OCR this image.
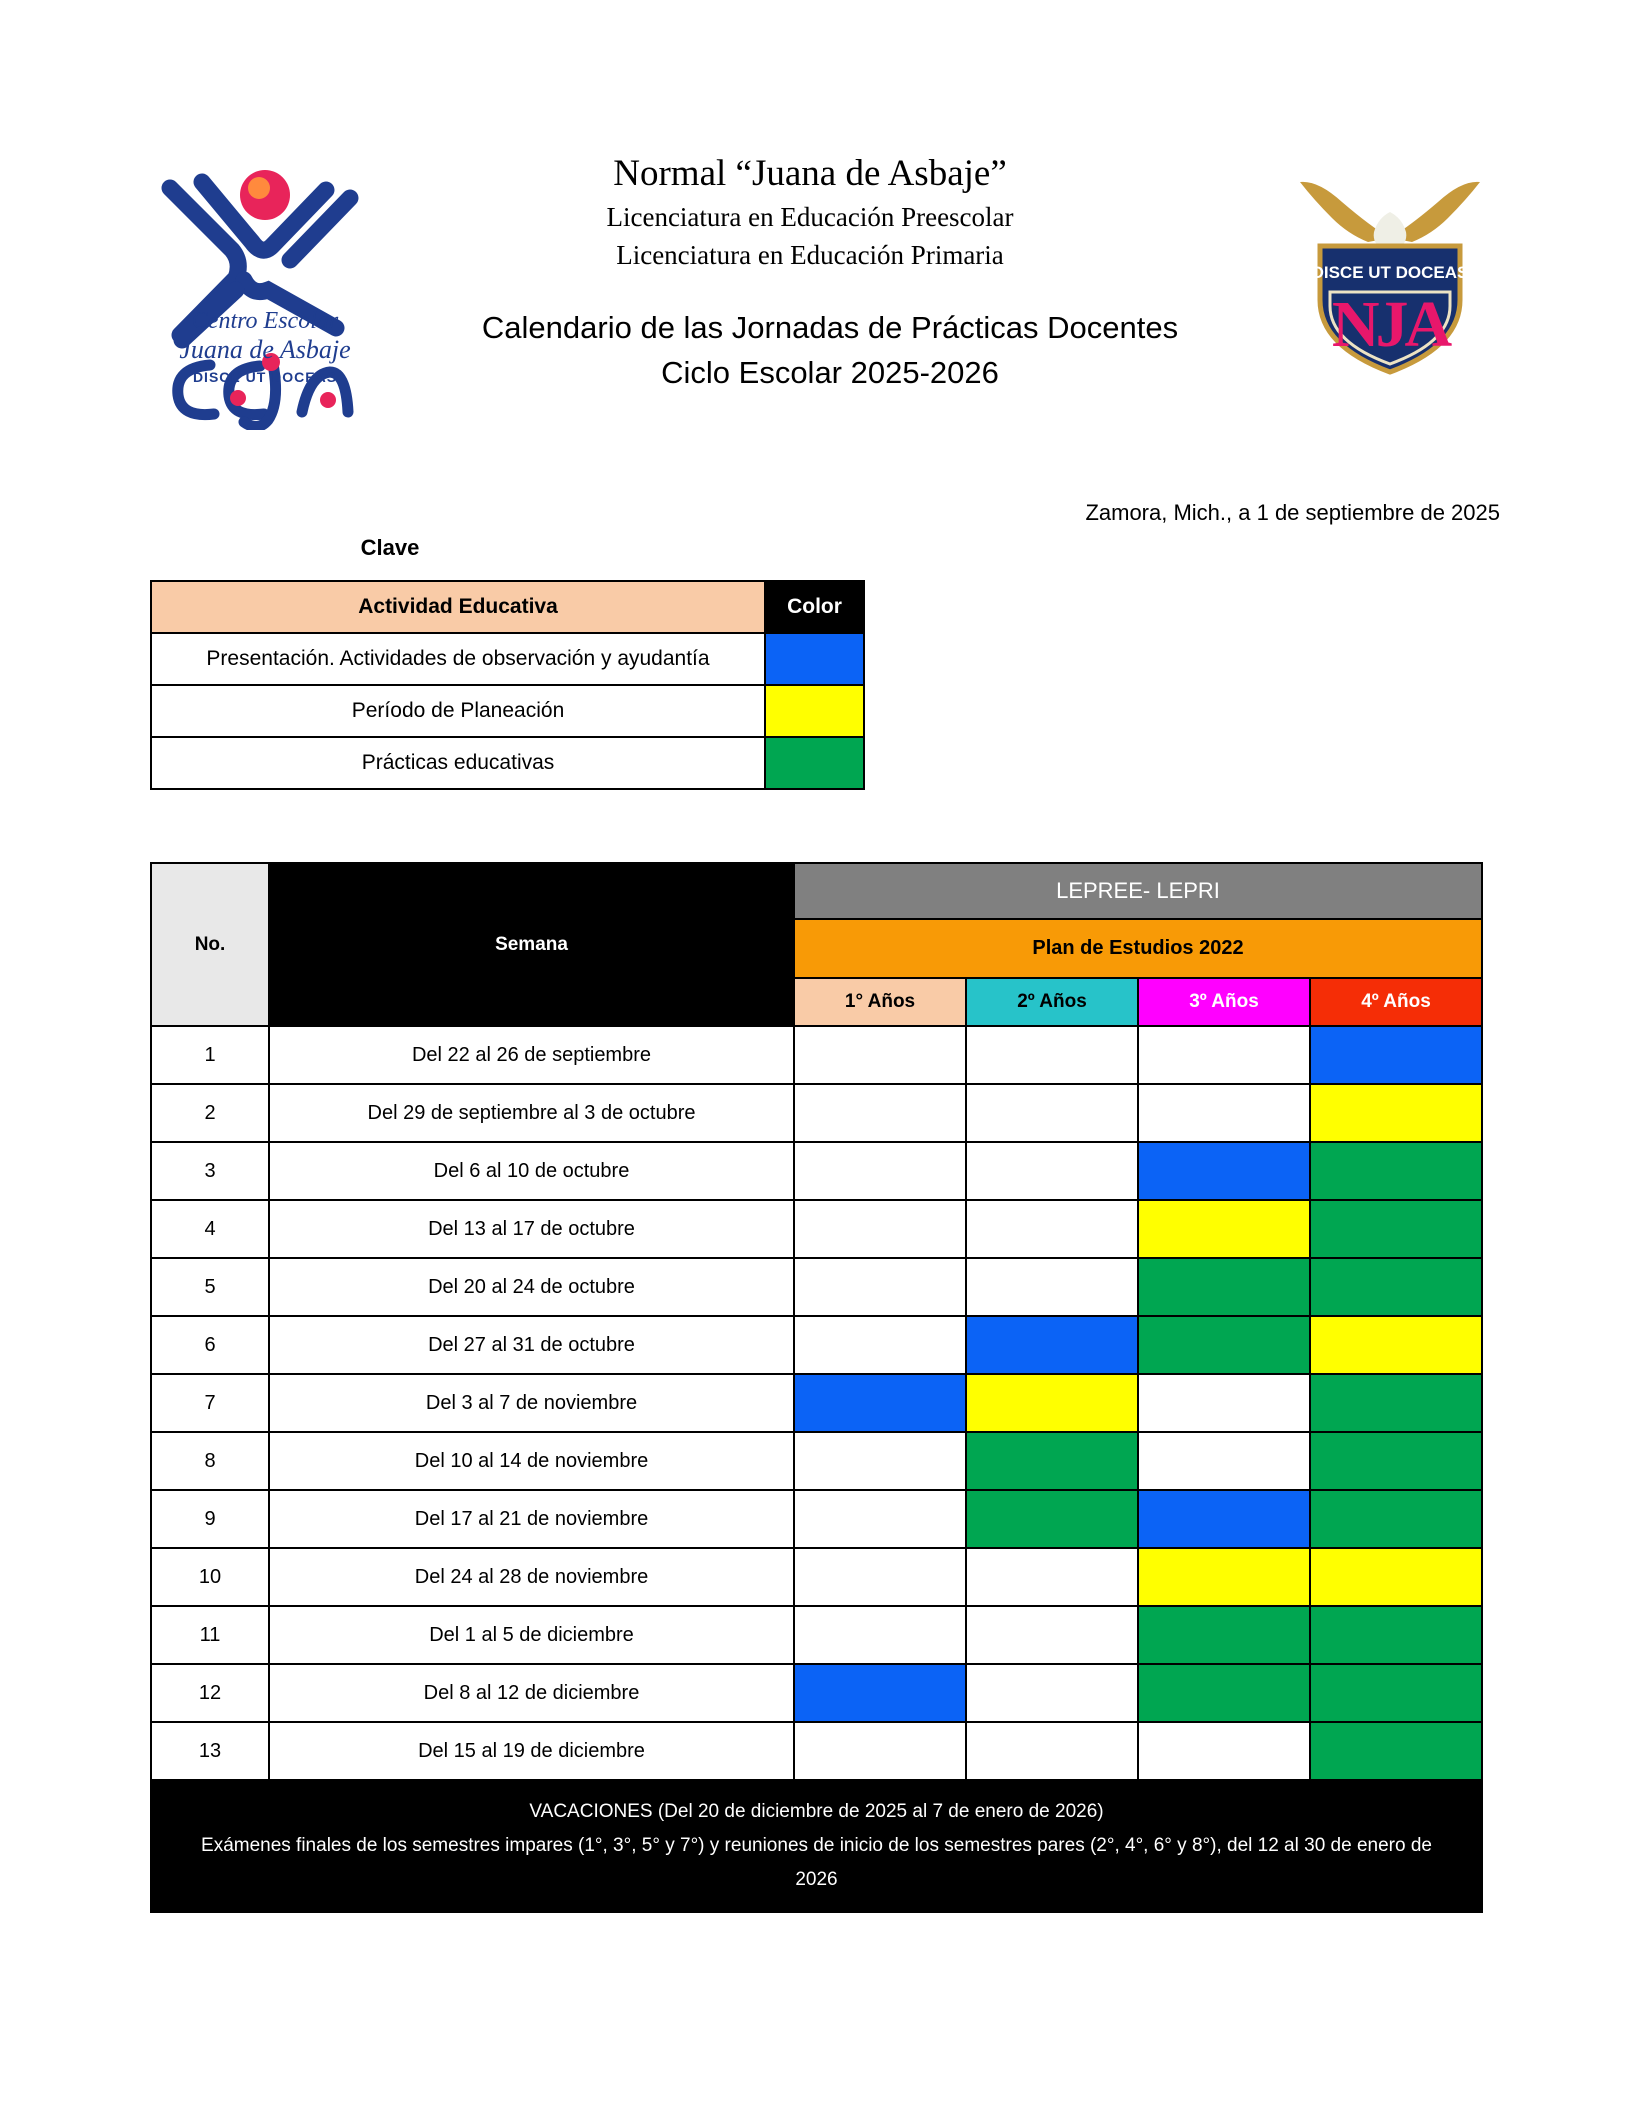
Centro Escolar
Juana de Asbaje
DISCE UT DOCEAS
DISCE UT DOCEAS
NJA
Normal “Juana de Asbaje”
Licenciatura en Educación Preescolar
Licenciatura en Educación Primaria
Calendario de las Jornadas de Prácticas Docentes
Ciclo Escolar 2025-2026
Zamora, Mich., a 1 de septiembre de 2025
Clave
Actividad Educativa	Color
Presentación. Actividades de observación y ayudantía	
Período de Planeación	
Prácticas educativas	
No.	Semana	LEPREE- LEPRI			
		Plan de Estudios 2022			
		1° Años	2º Años	3º Años	4º Años
1	Del 22 al 26 de septiembre				
2	Del 29 de septiembre al 3 de octubre				
3	Del 6 al 10 de octubre				
4	Del 13 al 17 de octubre				
5	Del 20 al 24 de octubre				
6	Del 27 al 31 de octubre				
7	Del 3 al 7 de noviembre				
8	Del 10 al 14 de noviembre				
9	Del 17 al 21 de noviembre				
10	Del 24 al 28 de noviembre				
11	Del 1 al 5 de diciembre				
12	Del 8 al 12 de diciembre				
13	Del 15 al 19 de diciembre				

VACACIONES (Del 20 de diciembre de 2025 al 7 de enero de 2026)
Exámenes finales de los semestres impares (1°, 3°, 5° y 7°) y reuniones de inicio de los semestres pares (2°, 4°, 6° y 8°), del 12 al 30 de enero de 2026					
